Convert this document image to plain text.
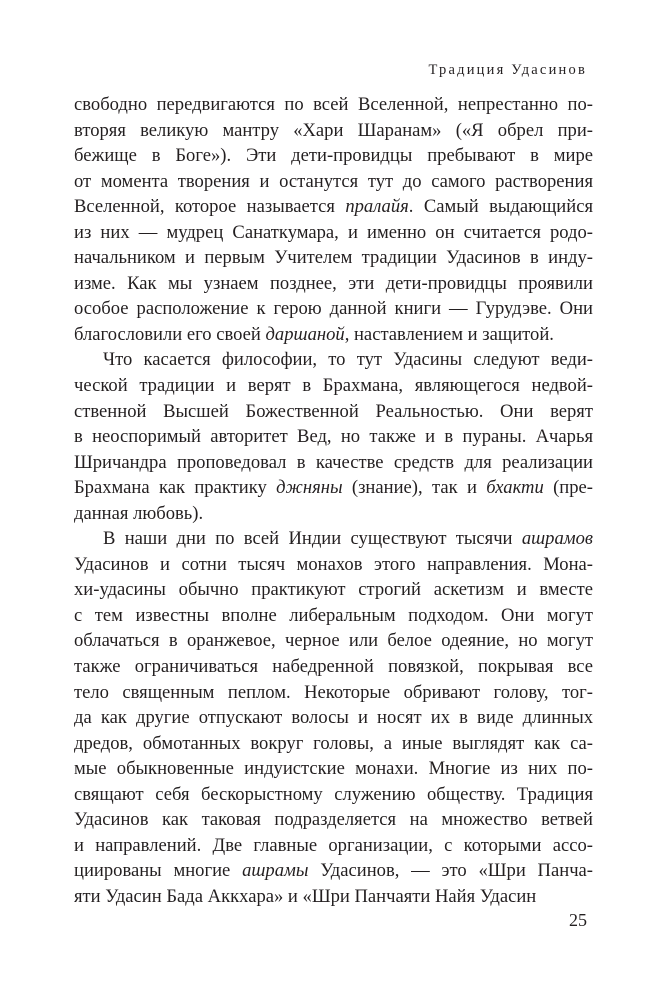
Традиция Удасинов
свободно передвигаются по всей Вселенной, непрестанно по-
вторяя великую мантру «Хари Шаранам» («Я обрел при-
бежище в Боге»). Эти дети-провидцы пребывают в мире
от момента творения и останутся тут до самого растворения
Вселенной, которое называется пралайя. Самый выдающийся
из них — мудрец Санаткумара, и именно он считается родо-
начальником и первым Учителем традиции Удасинов в инду-
изме. Как мы узнаем позднее, эти дети-провидцы проявили
особое расположение к герою данной книги — Гурудэве. Они
благословили его своей даршаной, наставлением и защитой.
Что касается философии, то тут Удасины следуют веди-
ческой традиции и верят в Брахмана, являющегося недвой-
ственной Высшей Божественной Реальностью. Они верят
в неоспоримый авторитет Вед, но также и в пураны. Ачарья
Шричандра проповедовал в качестве средств для реализации
Брахмана как практику джняны (знание), так и бхакти (пре-
данная любовь).
В наши дни по всей Индии существуют тысячи ашрамов
Удасинов и сотни тысяч монахов этого направления. Мона-
хи-удасины обычно практикуют строгий аскетизм и вместе
с тем известны вполне либеральным подходом. Они могут
облачаться в оранжевое, черное или белое одеяние, но могут
также ограничиваться набедренной повязкой, покрывая все
тело священным пеплом. Некоторые обривают голову, тог-
да как другие отпускают волосы и носят их в виде длинных
дредов, обмотанных вокруг головы, а иные выглядят как са-
мые обыкновенные индуистские монахи. Многие из них по-
свящают себя бескорыстному служению обществу. Традиция
Удасинов как таковая подразделяется на множество ветвей
и направлений. Две главные организации, с которыми ассо-
циированы многие ашрамы Удасинов, — это «Шри Панча-
яти Удасин Бада Аккхара» и «Шри Панчаяти Найя Удасин
25
